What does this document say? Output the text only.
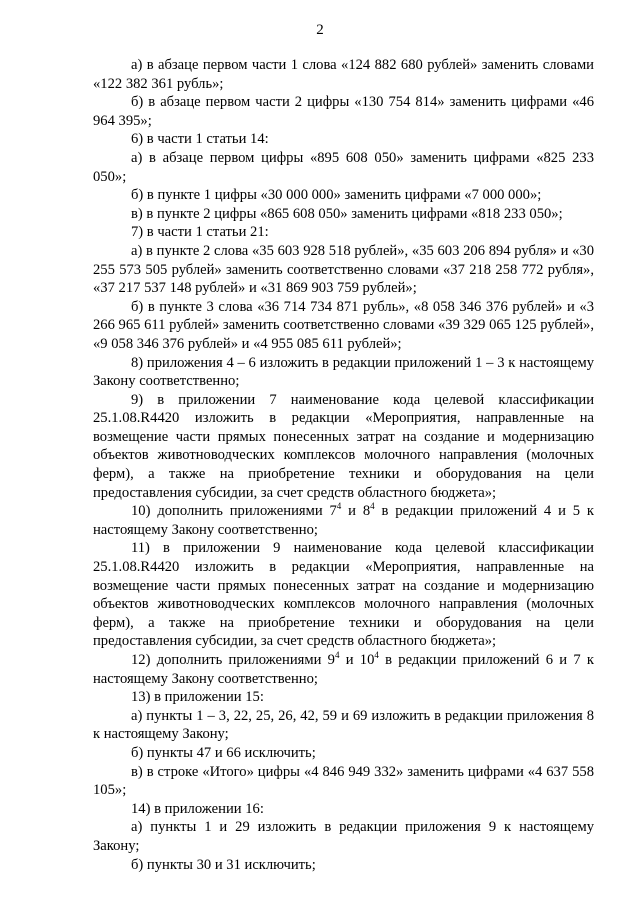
2

а) в абзаце первом части 1 слова «124 882 680 рублей» заменить словами «122 382 361 рубль»;

б) в абзаце первом части 2 цифры «130 754 814» заменить цифрами «46 964 395»;

6) в части 1 статьи 14:

а) в абзаце первом цифры «895 608 050» заменить цифрами «825 233 050»;

б) в пункте 1 цифры «30 000 000» заменить цифрами «7 000 000»;

в) в пункте 2 цифры «865 608 050» заменить цифрами «818 233 050»;

7) в части 1 статьи 21:

а) в пункте 2 слова «35 603 928 518 рублей», «35 603 206 894 рубля» и «30 255 573 505 рублей» заменить соответственно словами «37 218 258 772 рубля», «37 217 537 148 рублей» и «31 869 903 759 рублей»;

б) в пункте 3 слова «36 714 734 871 рубль», «8 058 346 376 рублей» и «3 266 965 611 рублей» заменить соответственно словами «39 329 065 125 рублей», «9 058 346 376 рублей» и «4 955 085 611 рублей»;

8) приложения 4 – 6 изложить в редакции приложений 1 – 3 к настоящему Закону соответственно;

9) в приложении 7 наименование кода целевой классификации 25.1.08.R4420 изложить в редакции «Мероприятия, направленные на возмещение части прямых понесенных затрат на создание и модернизацию объектов животноводческих комплексов молочного направления (молочных ферм), а также на приобретение техники и оборудования на цели предоставления субсидии, за счет средств областного бюджета»;

10) дополнить приложениями $7^4$ и $8^4$ в редакции приложений 4 и 5 к настоящему Закону соответственно;

11) в приложении 9 наименование кода целевой классификации 25.1.08.R4420 изложить в редакции «Мероприятия, направленные на возмещение части прямых понесенных затрат на создание и модернизацию объектов животноводческих комплексов молочного направления (молочных ферм), а также на приобретение техники и оборудования на цели предоставления субсидии, за счет средств областного бюджета»;

12) дополнить приложениями $9^4$ и $10^4$ в редакции приложений 6 и 7 к настоящему Закону соответственно;

13) в приложении 15:

а) пункты 1 – 3, 22, 25, 26, 42, 59 и 69 изложить в редакции приложения 8 к настоящему Закону;

б) пункты 47 и 66 исключить;

в) в строке «Итого» цифры «4 846 949 332» заменить цифрами «4 637 558 105»;

14) в приложении 16:

а) пункты 1 и 29 изложить в редакции приложения 9 к настоящему Закону;

б) пункты 30 и 31 исключить;
